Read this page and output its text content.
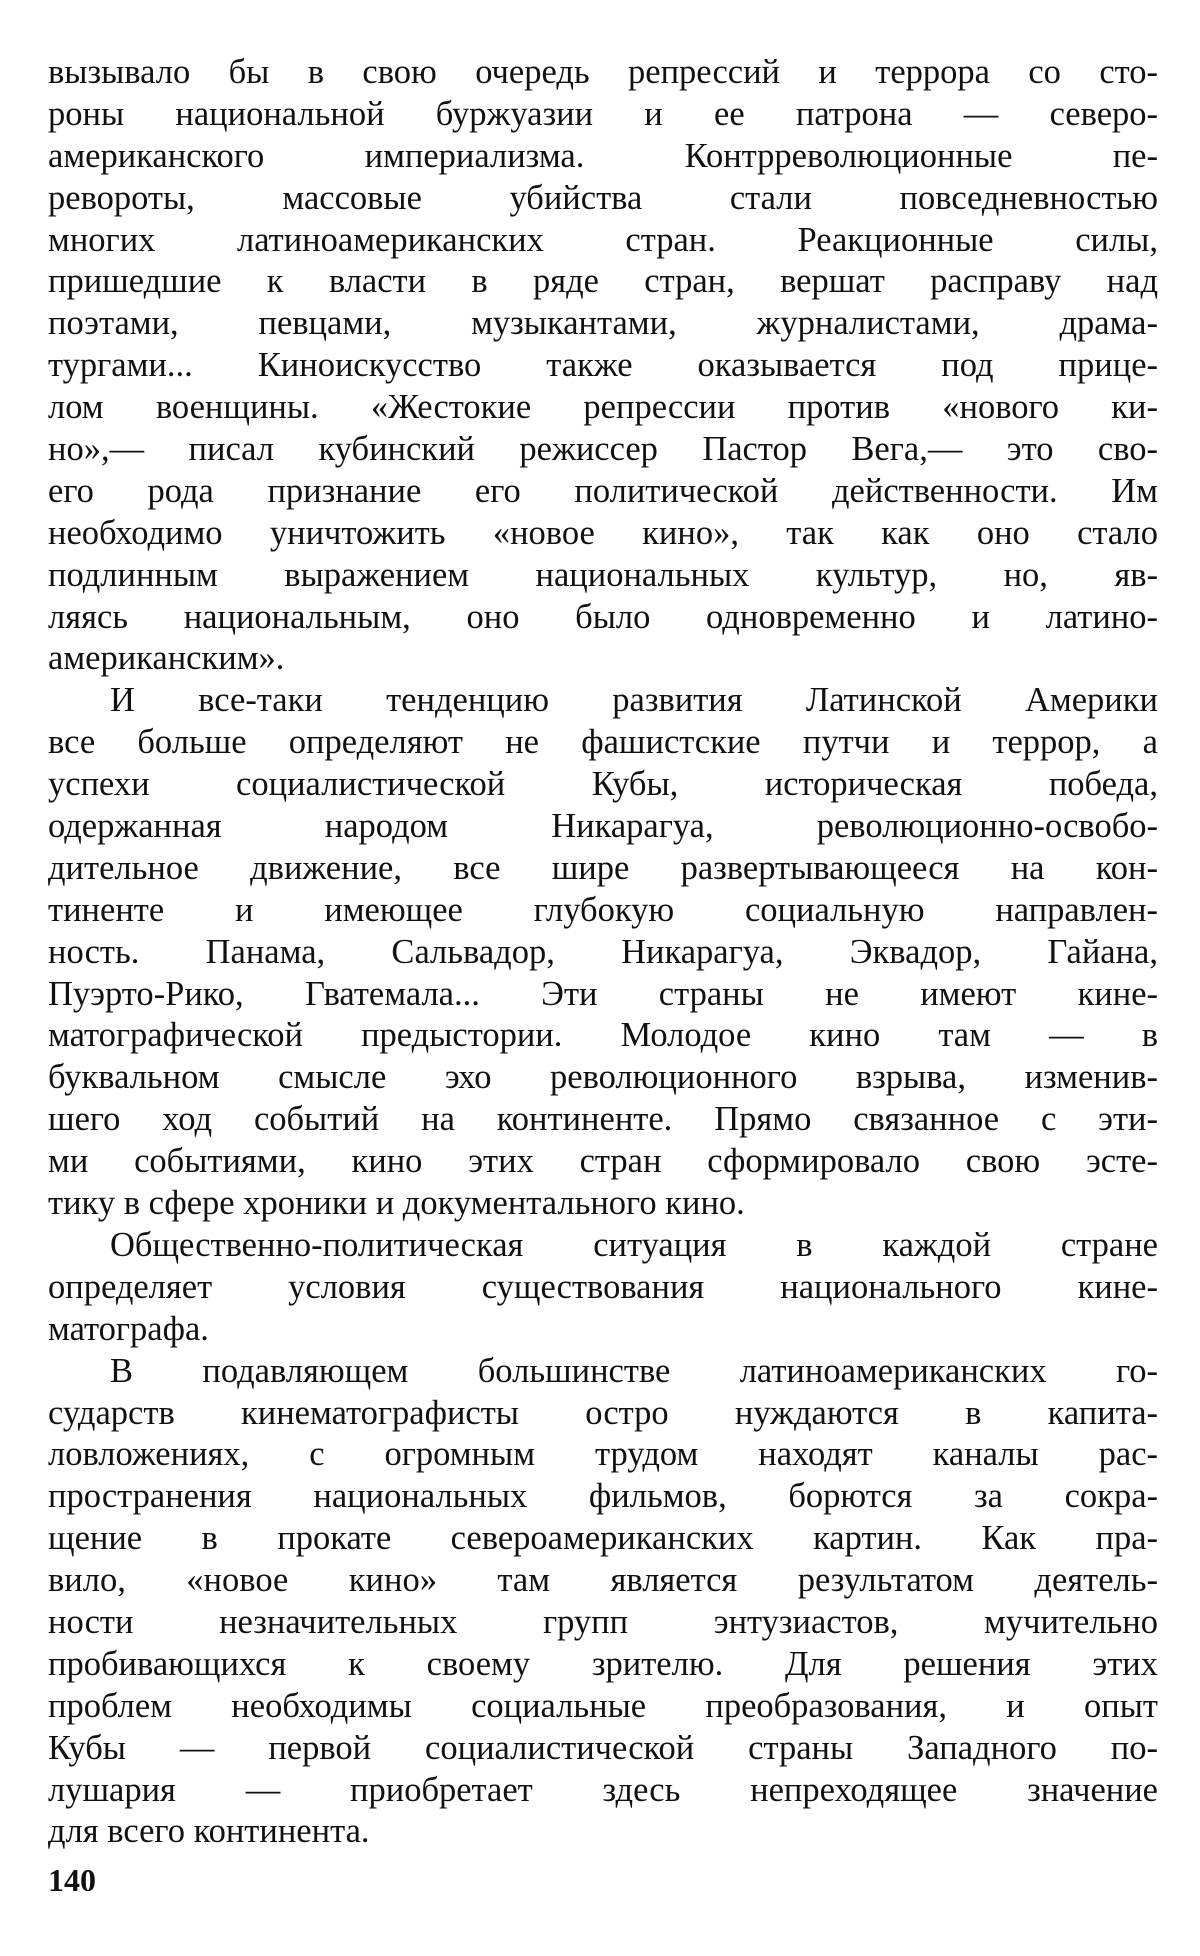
вызывало бы в свою очередь репрессий и террора со сто-
роны национальной буржуазии и ее патрона — северо-
американского империализма. Контрреволюционные пе-
ревороты, массовые убийства стали повседневностью
многих латиноамериканских стран. Реакционные силы,
пришедшие к власти в ряде стран, вершат расправу над
поэтами, певцами, музыкантами, журналистами, драма-
тургами... Киноискусство также оказывается под прице-
лом военщины. «Жестокие репрессии против «нового ки-
но»,— писал кубинский режиссер Пастор Вега,— это сво-
его рода признание его политической действенности. Им
необходимо уничтожить «новое кино», так как оно стало
подлинным выражением национальных культур, но, яв-
ляясь национальным, оно было одновременно и латино-
американским».
И все-таки тенденцию развития Латинской Америки
все больше определяют не фашистские путчи и террор, а
успехи социалистической Кубы, историческая победа,
одержанная народом Никарагуа, революционно-освобо-
дительное движение, все шире развертывающееся на кон-
тиненте и имеющее глубокую социальную направлен-
ность. Панама, Сальвадор, Никарагуа, Эквадор, Гайана,
Пуэрто-Рико, Гватемала... Эти страны не имеют кине-
матографической предыстории. Молодое кино там — в
буквальном смысле эхо революционного взрыва, изменив-
шего ход событий на континенте. Прямо связанное с эти-
ми событиями, кино этих стран сформировало свою эсте-
тику в сфере хроники и документального кино.
Общественно-политическая ситуация в каждой стране
определяет условия существования национального кине-
матографа.
В подавляющем большинстве латиноамериканских го-
сударств кинематографисты остро нуждаются в капита-
ловложениях, с огромным трудом находят каналы рас-
пространения национальных фильмов, борются за сокра-
щение в прокате североамериканских картин. Как пра-
вило, «новое кино» там является результатом деятель-
ности незначительных групп энтузиастов, мучительно
пробивающихся к своему зрителю. Для решения этих
проблем необходимы социальные преобразования, и опыт
Кубы — первой социалистической страны Западного по-
лушария — приобретает здесь непреходящее значение
для всего континента.
140
